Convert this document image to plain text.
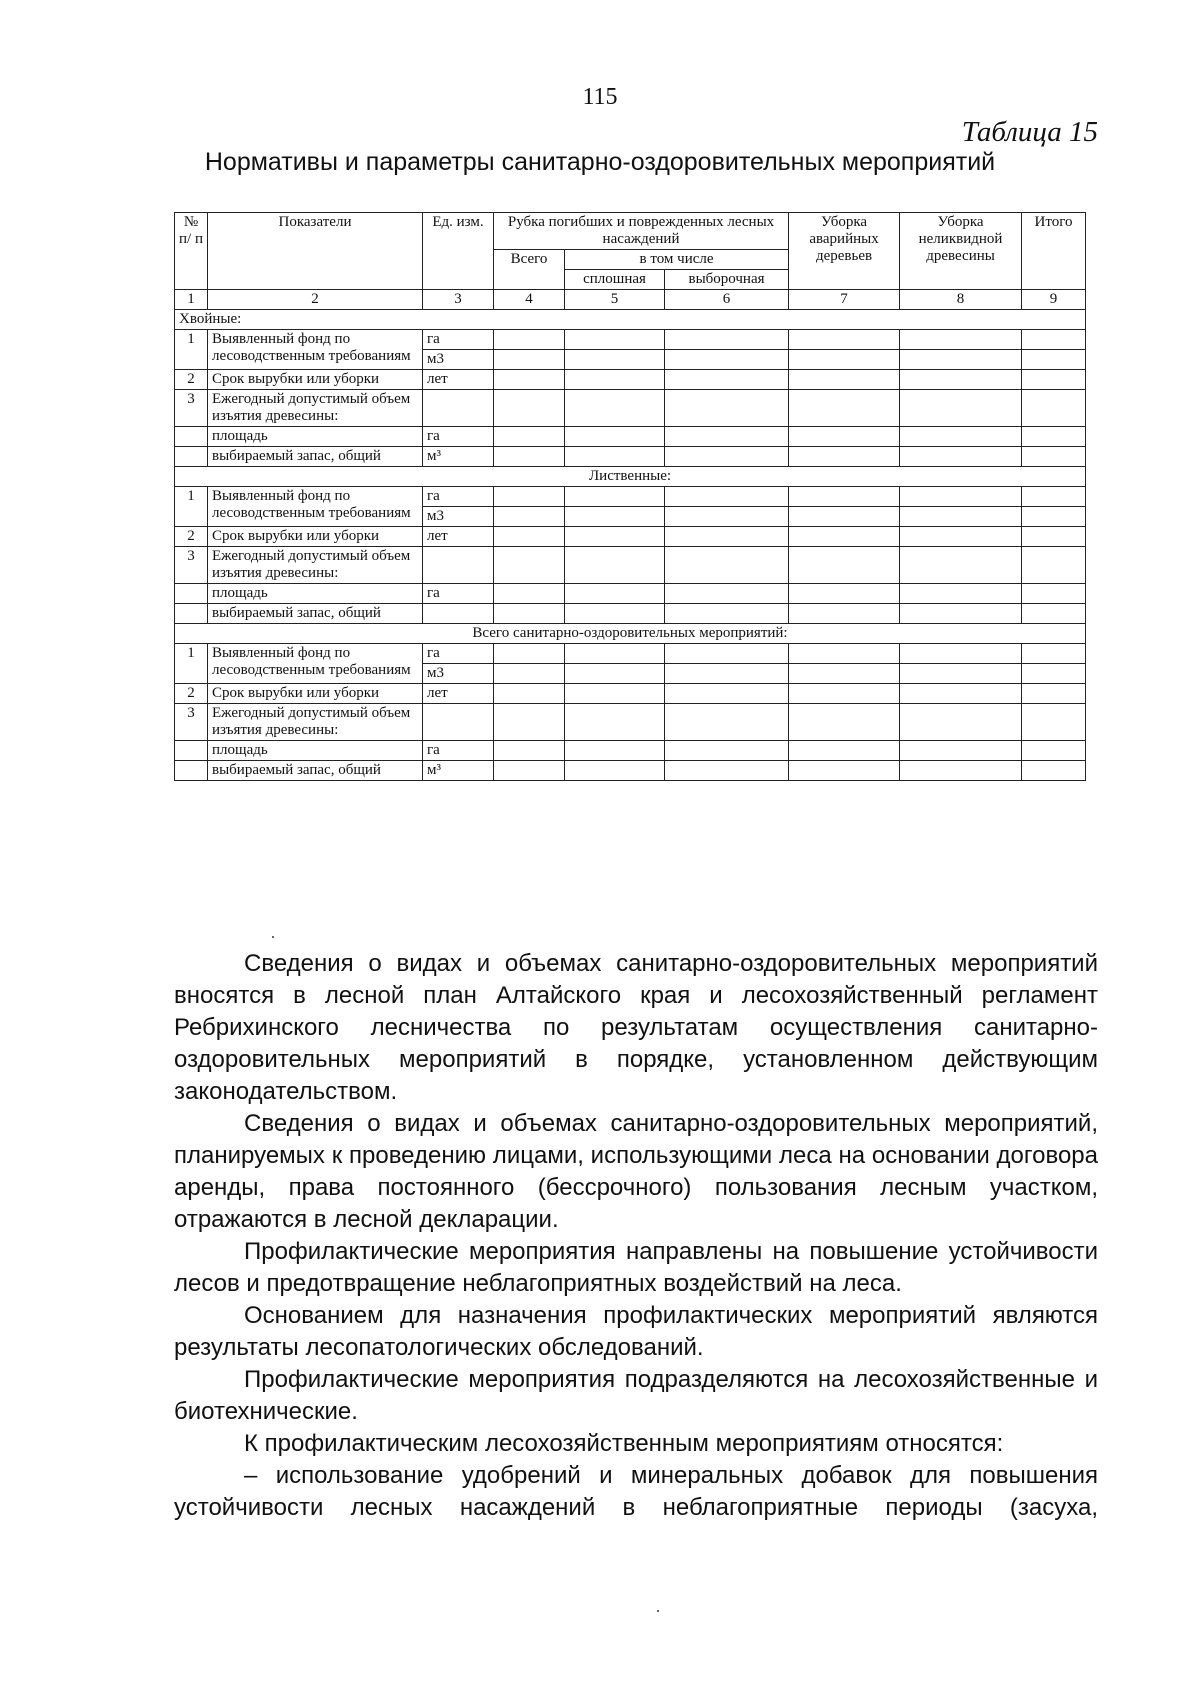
115
Таблица 15
Нормативы и параметры санитарно-оздоровительных мероприятий
№ п/ п	Показатели	Ед. изм.	Рубка погибших и поврежденных лесных насаждений			Уборка аварийных деревьев	Уборка неликвидной древесины	Итого
			Всего	в том числе				
				сплошная	выборочная			
1	2	3	4	5	6	7	8	9
Хвойные:								
1	Выявленный фонд по лесоводственным требованиям	га						
		м3						
2	Срок вырубки или уборки	лет						
3	Ежегодный допустимый объем изъятия древесины:							
	площадь	га						
	выбираемый запас, общий	м³						
Лиственные:								
1	Выявленный фонд по лесоводственным требованиям	га						
		м3						
2	Срок вырубки или уборки	лет						
3	Ежегодный допустимый объем изъятия древесины:							
	площадь	га						
	выбираемый запас, общий							
Всего санитарно-оздоровительных мероприятий:								
1	Выявленный фонд по лесоводственным требованиям	га						
		м3						
2	Срок вырубки или уборки	лет						
3	Ежегодный допустимый объем изъятия древесины:							
	площадь	га						
	выбираемый запас, общий	м³						

Сведения о видах и объемах санитарно-оздоровительных мероприятий вносятся в лесной план Алтайского края и лесохозяйственный регламент Ребрихинского лесничества по результатам осуществления санитарно-оздоровительных мероприятий в порядке, установленном действующим законодательством.

Сведения о видах и объемах санитарно-оздоровительных мероприятий, планируемых к проведению лицами, использующими леса на основании договора аренды, права постоянного (бессрочного) пользования лесным участком, отражаются в лесной декларации.

Профилактические мероприятия направлены на повышение устойчивости лесов и предотвращение неблагоприятных воздействий на леса.

Основанием для назначения профилактических мероприятий являются результаты лесопатологических обследований.

Профилактические мероприятия подразделяются на лесохозяйственные и биотехнические.

К профилактическим лесохозяйственным мероприятиям относятся:

– использование удобрений и минеральных добавок для повышения устойчивости лесных насаждений в неблагоприятные периоды (засуха,
